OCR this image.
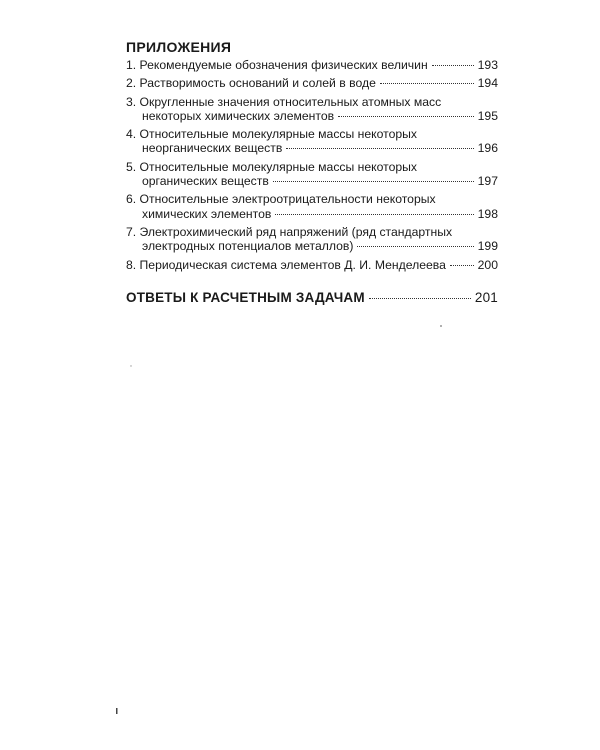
ПРИЛОЖЕНИЯ
1. Рекомендуемые обозначения физических величин	193
2. Растворимость оснований и солей в воде	194
3. Округленные значения относительных атомных масс
некоторых химических элементов	195
4. Относительные молекулярные массы некоторых
неорганических веществ	196
5. Относительные молекулярные массы некоторых
органических веществ	197
6. Относительные электроотрицательности некоторых
химических элементов	198
7. Электрохимический ряд напряжений (ряд стандартных
электродных потенциалов металлов)	199
8. Периодическая система элементов Д. И. Менделеева	200
ОТВЕТЫ К РАСЧЕТНЫМ ЗАДАЧАМ	201
